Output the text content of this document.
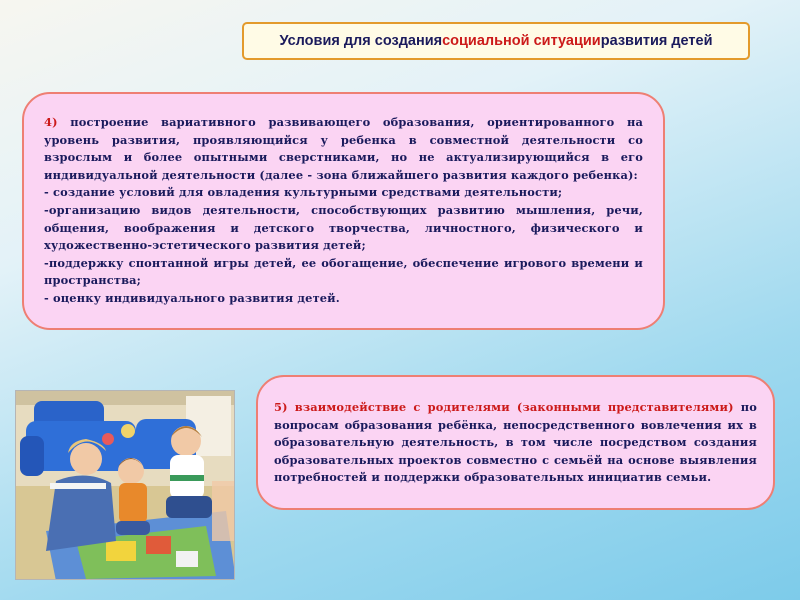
Условия для создания социальной ситуации развития детей

4) построение вариативного развивающего образования, ориентированного на уровень развития, проявляющийся у ребенка в совместной деятельности со взрослым и более опытными сверстниками, но не актуализирующийся в его индивидуальной деятельности (далее - зона ближайшего развития каждого ребенка):

- создание условий для овладения культурными средствами деятельности;

-организацию видов деятельности, способствующих развитию мышления, речи, общения, воображения и детского творчества, личностного, физического и художественно-эстетического развития детей;

-поддержку спонтанной игры детей, ее обогащение, обеспечение игрового времени и пространства;

- оценку индивидуального развития детей.

5) взаимодействие с родителями (законными представителями) по вопросам образования ребёнка, непосредственного вовлечения их в образовательную деятельность, в том числе посредством создания образовательных проектов совместно с семьёй на основе выявления потребностей и поддержки образовательных инициатив семьи.
